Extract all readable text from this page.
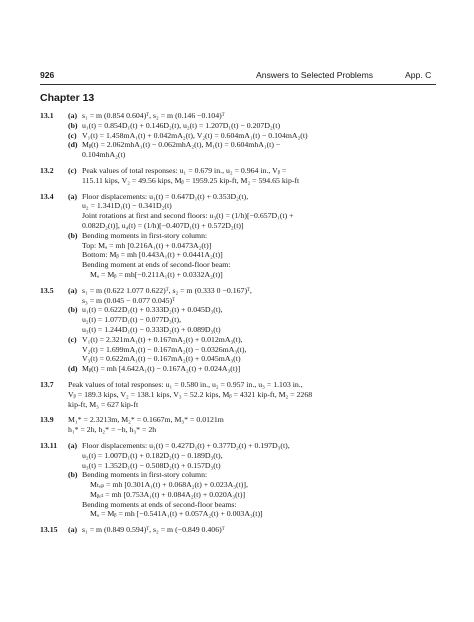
926	Answers to Selected Problems	App. C
Chapter 13
13.1 (a) s₁ = m (0.854 0.604)ᵀ, s₂ = m (0.146 −0.104)ᵀ
(b) u₁(t) = 0.854D₁(t) + 0.146D₂(t), u₂(t) = 1.207D₁(t) − 0.207D₂(t)
(c) V₁(t) = 1.458mA₁(t) + 0.042mA₂(t), V₂(t) = 0.604mA₁(t) − 0.104mA₂(t)
(d) Mᵦ(t) = 2.062mhA₁(t) − 0.062mhA₂(t), M₁(t) = 0.604mhA₁(t) −
0.104mhA₂(t)
13.2 (c) Peak values of total responses: u₁ = 0.679 in., u₂ = 0.964 in., Vᵦ =
115.11 kips, V₂ = 49.56 kips, Mᵦ = 1959.25 kip-ft, M₂ = 594.65 kip-ft
13.4 (a) Floor displacements: u₁(t) = 0.647D₁(t) + 0.353D₂(t),
u₂ = 1.341D₁(t) − 0.341D₂(t)
Joint rotations at first and second floors: u₃(t) = (1/h)[−0.657D₁(t) +
0.082D₂(t)], u₄(t) = (1/h)[−0.407D₁(t) + 0.572D₂(t)]
(b) Bending moments in first-story column:
Top: Mₐ = mh [0.216A₁(t) + 0.0473A₂(t)]
Bottom: Mᵦ = mh [0.443A₁(t) + 0.0441A₂(t)]
Bending moment at ends of second-floor beam:
Mₐ = Mᵦ = mh[−0.211A₁(t) + 0.0332A₂(t)]
13.5 (a) s₁ = m (0.622 1.077 0.622)ᵀ, s₂ = m (0.333 0 −0.167)ᵀ,
s₃ = m (0.045 − 0.077 0.045)ᵀ
(b) u₁(t) = 0.622D₁(t) + 0.333D₂(t) + 0.045D₃(t),
u₂(t) = 1.077D₁(t) − 0.077D₃(t),
u₃(t) = 1.244D₁(t) − 0.333D₂(t) + 0.089D₃(t)
(c) V₁(t) = 2.321mA₁(t) + 0.167mA₂(t) + 0.012mA₃(t),
V₂(t) = 1.699mA₁(t) − 0.167mA₂(t) − 0.0326mA₃(t),
V₃(t) = 0.622mA₁(t) − 0.167mA₂(t) + 0.045mA₃(t)
(d) Mᵦ(t) = mh [4.642A₁(t) − 0.167A₂(t) + 0.024A₃(t)]
13.7 Peak values of total responses: u₁ = 0.580 in., u₂ = 0.957 in., u₃ = 1.103 in.,
Vᵦ = 189.3 kips, V₂ = 138.1 kips, V₃ = 52.2 kips, Mᵦ = 4321 kip-ft, M₂ = 2268
kip-ft, M₃ = 627 kip-ft
13.9 M₁* = 2.3213m, M₂* = 0.1667m, M₃* = 0.0121m
h₁* = 2h, h₂* = −h, h₃* = 2h
13.11 (a) Floor displacements: u₁(t) = 0.427D₁(t) + 0.377D₂(t) + 0.197D₃(t),
u₂(t) = 1.007D₁(t) + 0.182D₂(t) − 0.189D₃(t),
u₃(t) = 1.352D₁(t) − 0.508D₂(t) + 0.157D₃(t)
(b) Bending moments in first-story column:
Mₜₒₚ = mh [0.301A₁(t) + 0.068A₂(t) + 0.023A₃(t)],
Mᵦₒₜ = mh [0.753A₁(t) + 0.084A₂(t) + 0.020A₃(t)]
Bending moments at ends of second-floor beams:
Mₐ = Mᵦ = mh [−0.541A₁(t) + 0.057A₂(t) + 0.003A₃(t)]
13.15 (a) s₁ = m (0.849 0.594)ᵀ, s₂ = m (−0.849 0.406)ᵀ
